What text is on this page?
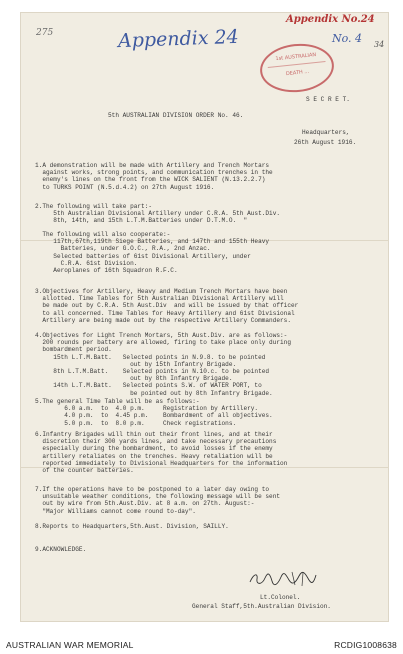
275	Appendix 24
Appendix No.24
No. 4 34
1st AUSTRALIAN
DEATH ...
S E C R E T.
5th AUSTRALIAN DIVISION ORDER No. 46.
Headquarters,
26th August 1916.
1.A demonstration will be made with Artillery and Trench Mortars
against works, strong points, and communication trenches in the
enemy's lines on the front from the WICK SALIENT (N.13.2.2.7)
to TURKS POINT (N.5.d.4.2) on 27th August 1916.
2.The following will take part:-
5th Australian Divisional Artillery under C.R.A. 5th Aust.Div.
8th, 14th, and 15th L.T.M.Batteries under D.T.M.O.  "
The following will also cooperate:-
117th,67th,119th Siege Batteries, and 147th and 155th Heavy
Batteries, under G.O.C., R.A., 2nd Anzac.
Selected batteries of 61st Divisional Artillery, under
C.R.A. 61st Division.
Aeroplanes of 16th Squadron R.F.C.
3.Objectives for Artillery, Heavy and Medium Trench Mortars have been
allotted. Time Tables for 5th Australian Divisional Artillery will
be made out by C.R.A. 5th Aust.Div  and will be issued by that officer
to all concerned. Time Tables for Heavy Artillery and 61st Divisional
Artillery are being made out by the respective Artillery Commanders.
4.Objectives for Light Trench Mortars, 5th Aust.Div. are as follows:-
200 rounds per battery are allowed, firing to take place only during
bombardment period.
15th L.T.M.Batt.   Selected points in N.9.8. to be pointed
out by 15th Infantry Brigade.
8th L.T.M.Batt.    Selected points in N.10.c. to be pointed
out by 8th Infantry Brigade.
14th L.T.M.Batt.   Selected points S.W. of WATER PORT, to
be pointed out by 8th Infantry Brigade.
5.The general Time Table will be as follows:-
6.0 a.m.  to  4.0 p.m.     Registration by Artillery.
4.0 p.m.  to  4.45 p.m.    Bombardment of all objectives.
5.0 p.m.  to  8.0 p.m.     Check registrations.
6.Infantry Brigades will thin out their front lines, and at their
discretion their 300 yards lines, and take necessary precautions
especially during the bombardment, to avoid losses if the enemy
artillery retaliates on the trenches. Heavy retaliation will be
reported immediately to Divisional Headquarters for the information
of the counter batteries.
7.If the operations have to be postponed to a later day owing to
unsuitable weather conditions, the following message will be sent
out by wire from 5th.Aust.Div. at 8 a.m. on 27th. August:-
"Major Williams cannot come round to-day".
8.Reports to Headquarters,5th.Aust. Division, SAILLY.
9.ACKNOWLEDGE.
Lt.Colonel.
General Staff,5th.Australian Division.
AUSTRALIAN WAR MEMORIAL	RCDIG1008638
